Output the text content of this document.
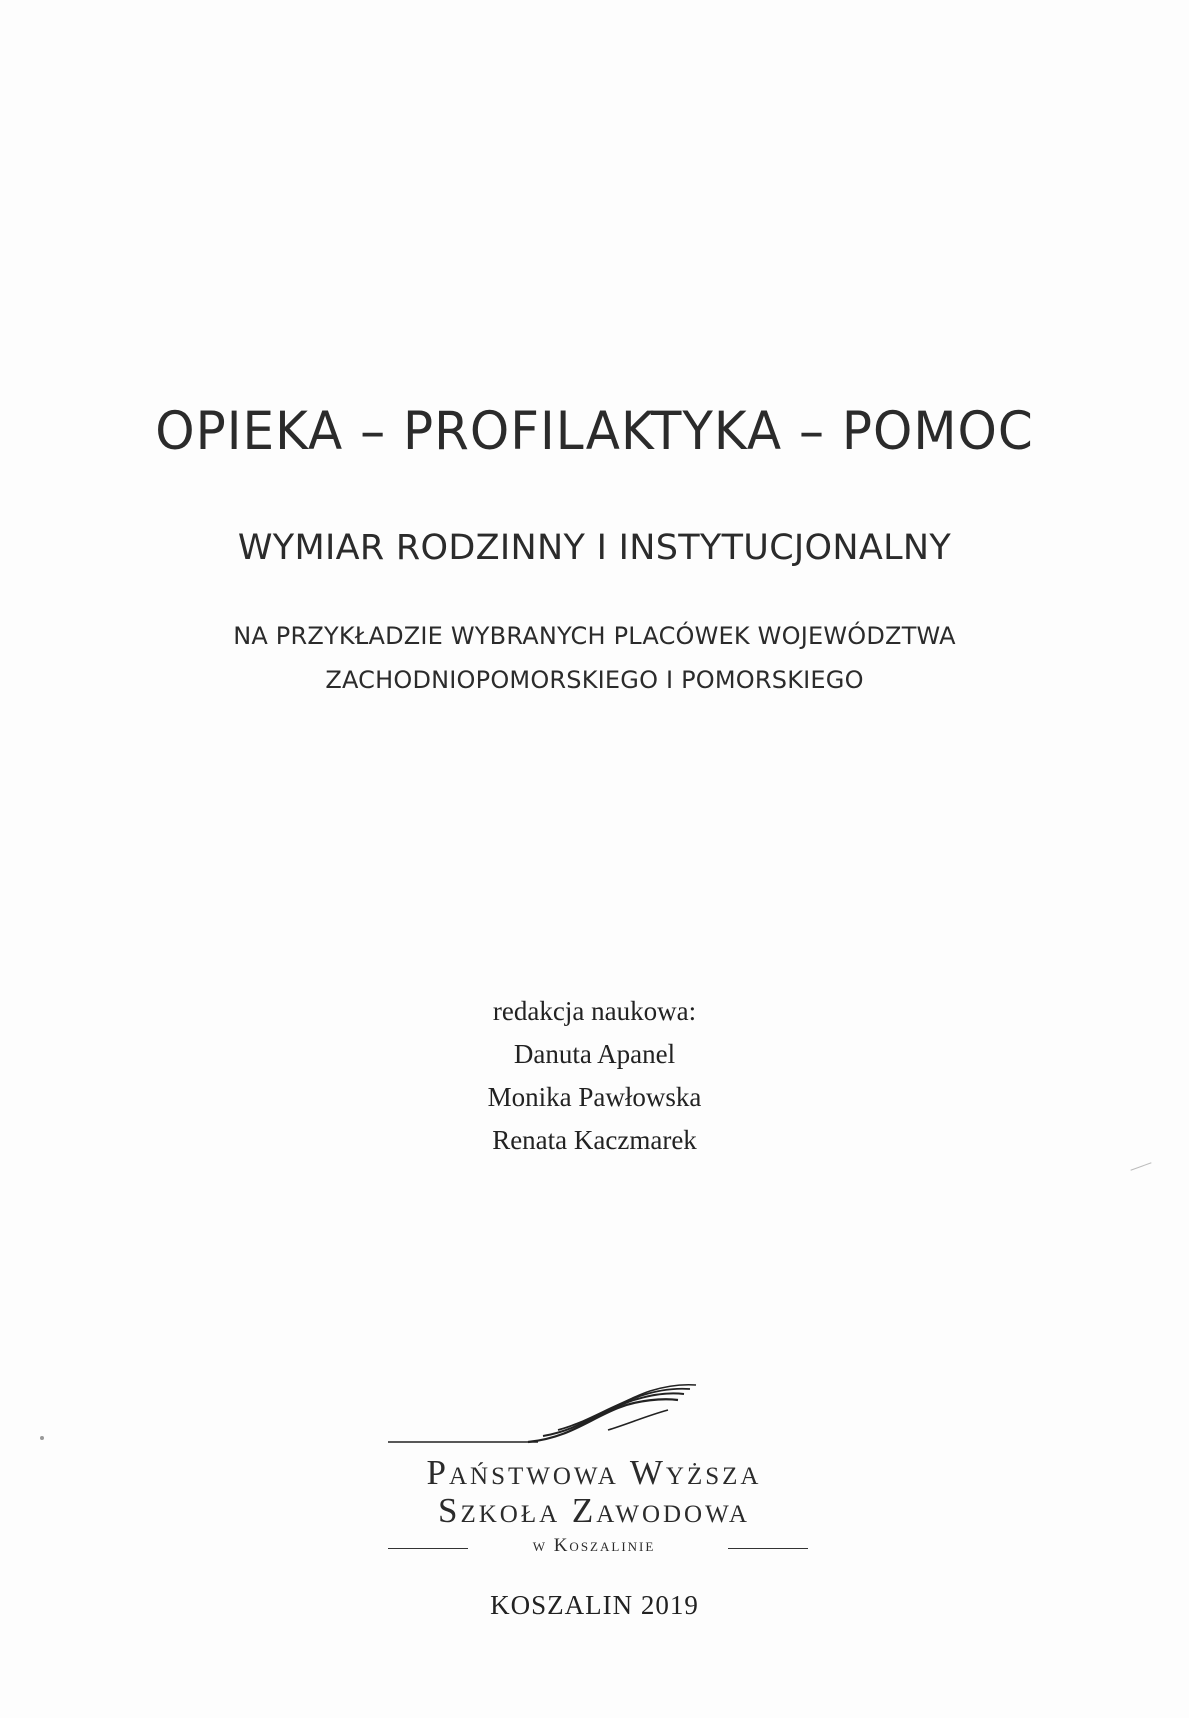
OPIEKA – PROFILAKTYKA – POMOC
WYMIAR RODZINNY I INSTYTUCJONALNY
NA PRZYKŁADZIE WYBRANYCH PLACÓWEK WOJEWÓDZTWA
ZACHODNIOPOMORSKIEGO I POMORSKIEGO
redakcja naukowa:
Danuta Apanel
Monika Pawłowska
Renata Kaczmarek
Państwowa Wyższa
Szkoła Zawodowa
w Koszalinie
KOSZALIN 2019
